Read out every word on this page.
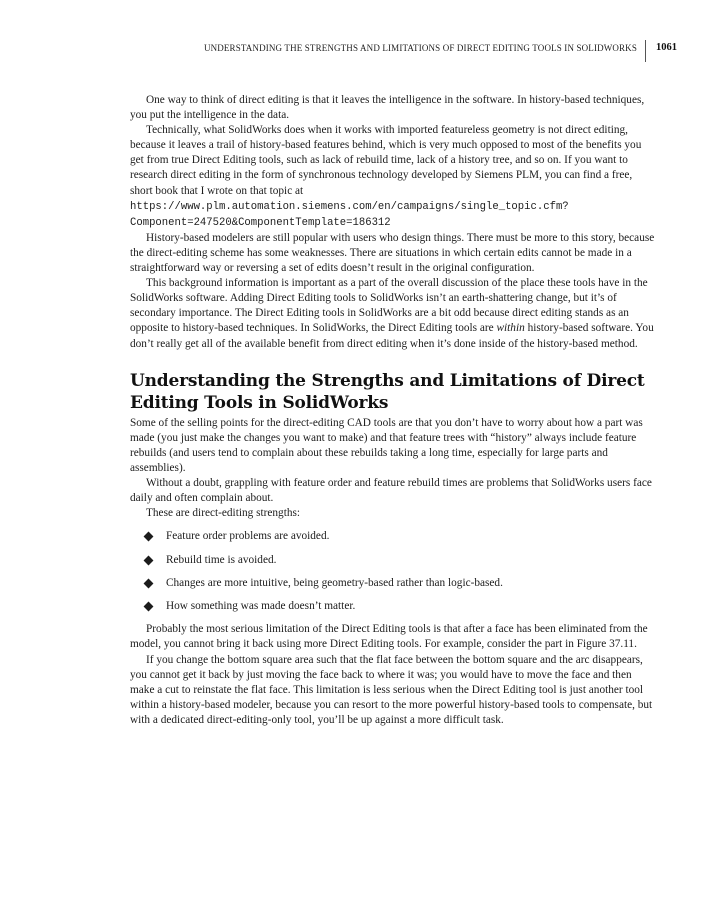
UNDERSTANDING THE STRENGTHS AND LIMITATIONS OF DIRECT EDITING TOOLS IN SOLIDWORKS	1061

One way to think of direct editing is that it leaves the intelligence in the software. In history-based techniques, you put the intelligence in the data.

Technically, what SolidWorks does when it works with imported featureless geometry is not direct editing, because it leaves a trail of history-based features behind, which is very much opposed to most of the benefits you get from true Direct Editing tools, such as lack of rebuild time, lack of a history tree, and so on. If you want to research direct editing in the form of synchronous technology developed by Siemens PLM, you can find a free, short book that I wrote on that topic at https://www.plm.automation.siemens.com/en/campaigns/single_topic.cfm?Component=247520&ComponentTemplate=186312

History-based modelers are still popular with users who design things. There must be more to this story, because the direct-editing scheme has some weaknesses. There are situations in which certain edits cannot be made in a straightforward way or reversing a set of edits doesn’t result in the original configuration.

This background information is important as a part of the overall discussion of the place these tools have in the SolidWorks software. Adding Direct Editing tools to SolidWorks isn’t an earth-shattering change, but it’s of secondary importance. The Direct Editing tools in SolidWorks are a bit odd because direct editing stands as an opposite to history-based techniques. In SolidWorks, the Direct Editing tools are within history-based software. You don’t really get all of the available benefit from direct editing when it’s done inside of the history-based method.

Understanding the Strengths and Limitations of Direct
Editing Tools in SolidWorks

Some of the selling points for the direct-editing CAD tools are that you don’t have to worry about how a part was made (you just make the changes you want to make) and that feature trees with “history” always include feature rebuilds (and users tend to complain about these rebuilds taking a long time, especially for large parts and assemblies).

Without a doubt, grappling with feature order and feature rebuild times are problems that SolidWorks users face daily and often complain about.

These are direct-editing strengths:

Feature order problems are avoided.
Rebuild time is avoided.
Changes are more intuitive, being geometry-based rather than logic-based.
How something was made doesn’t matter.

Probably the most serious limitation of the Direct Editing tools is that after a face has been eliminated from the model, you cannot bring it back using more Direct Editing tools. For example, consider the part in Figure 37.11.

If you change the bottom square area such that the flat face between the bottom square and the arc disappears, you cannot get it back by just moving the face back to where it was; you would have to move the face and then make a cut to reinstate the flat face. This limitation is less serious when the Direct Editing tool is just another tool within a history-based modeler, because you can resort to the more powerful history-based tools to compensate, but with a dedicated direct-editing-only tool, you’ll be up against a more difficult task.
